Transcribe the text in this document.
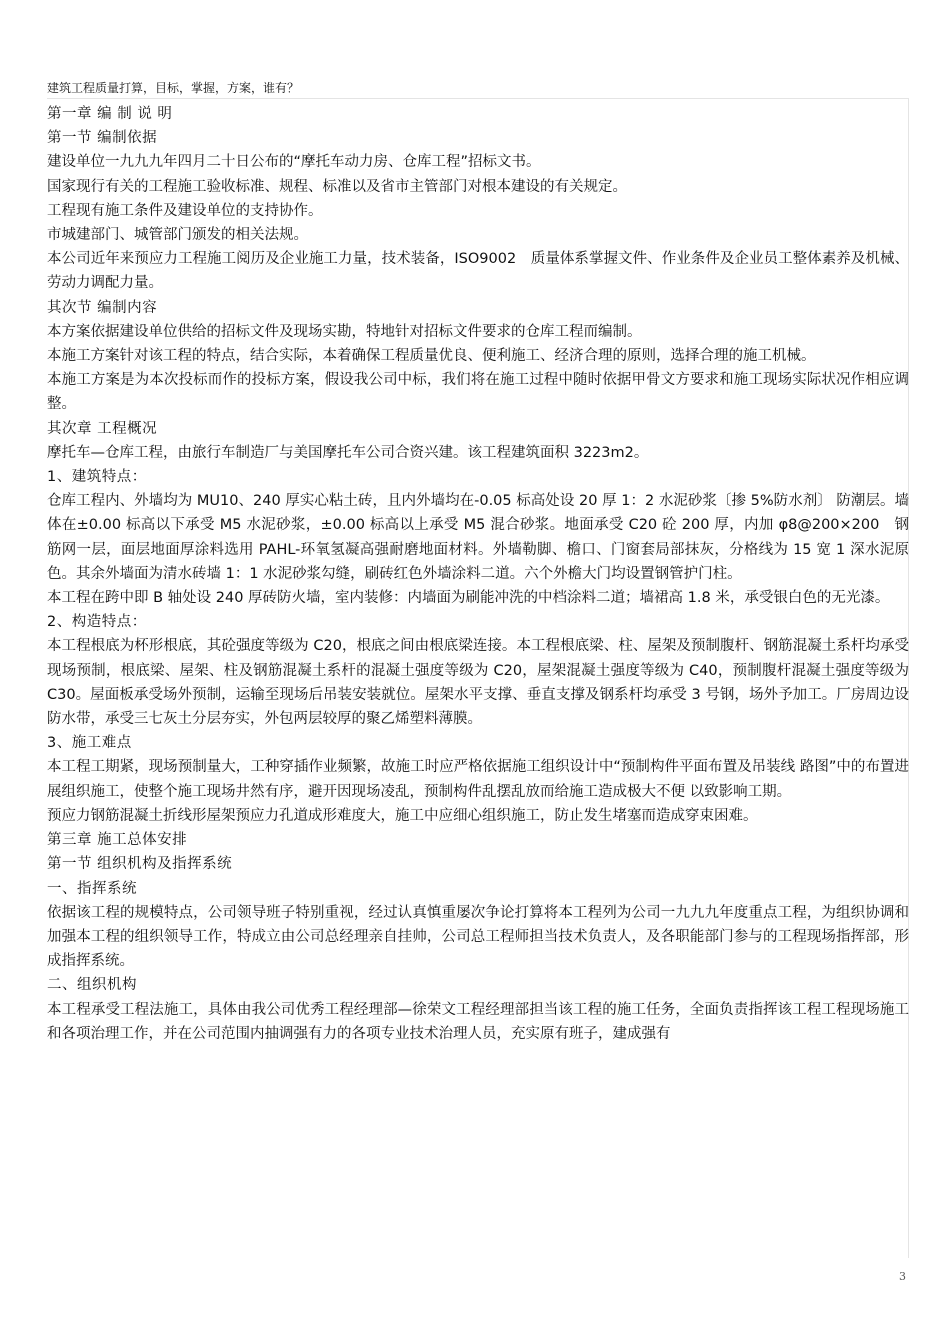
建筑工程质量打算，目标，掌握，方案，谁有？

第一章 编 制 说 明

第一节 编制依据

建设单位一九九九年四月二十日公布的“摩托车动力房、仓库工程”招标文书。

国家现行有关的工程施工验收标准、规程、标准以及省市主管部门对根本建设的有关规定。

工程现有施工条件及建设单位的支持协作。

市城建部门、城管部门颁发的相关法规。

本公司近年来预应力工程施工阅历及企业施工力量，技术装备，ISO9002　质量体系掌握文件、作业条件及企业员工整体素养及机械、劳动力调配力量。

其次节 编制内容

本方案依据建设单位供给的招标文件及现场实勘，特地针对招标文件要求的仓库工程而编制。

本施工方案针对该工程的特点，结合实际，本着确保工程质量优良、便利施工、经济合理的原则，选择合理的施工机械。

本施工方案是为本次投标而作的投标方案，假设我公司中标，我们将在施工过程中随时依据甲骨文方要求和施工现场实际状况作相应调整。

其次章 工程概况

摩托车—仓库工程，由旅行车制造厂与美国摩托车公司合资兴建。该工程建筑面积 3223m2。

1、建筑特点：

仓库工程内、外墙均为 MU10、240 厚实心粘土砖，且内外墙均在-0.05 标高处设 20 厚 1：2 水泥砂浆〔掺 5%防水剂〕 防潮层。墙体在±0.00 标高以下承受 M5 水泥砂浆，±0.00 标高以上承受 M5 混合砂浆。地面承受 C20 砼 200 厚，内加 φ8@200×200　钢筋网一层，面层地面厚涂料选用 PAHL-环氧氢凝高强耐磨地面材料。外墙勒脚、檐口、门窗套局部抹灰，分格线为 15 宽 1 深水泥原色。其余外墙面为清水砖墙 1：1 水泥砂浆勾缝，刷砖红色外墙涂料二道。六个外檐大门均设置钢管护门柱。

本工程在跨中即 B 轴处设 240 厚砖防火墙，室内装修：内墙面为刷能冲洗的中档涂料二道；墙裙高 1.8 米，承受银白色的无光漆。

2、构造特点：

本工程根底为杯形根底，其砼强度等级为 C20，根底之间由根底梁连接。本工程根底梁、柱、屋架及预制腹杆、钢筋混凝土系杆均承受现场预制，根底梁、屋架、柱及钢筋混凝土系杆的混凝土强度等级为 C20，屋架混凝土强度等级为 C40，预制腹杆混凝土强度等级为 C30。屋面板承受场外预制，运输至现场后吊装安装就位。屋架水平支撑、垂直支撑及钢系杆均承受 3 号钢，场外予加工。厂房周边设防水带，承受三七灰土分层夯实，外包两层较厚的聚乙烯塑料薄膜。

3、施工难点

本工程工期紧，现场预制量大，工种穿插作业频繁，故施工时应严格依据施工组织设计中“预制构件平面布置及吊装线 路图”中的布置进展组织施工，使整个施工现场井然有序，避开因现场凌乱，预制构件乱摆乱放而给施工造成极大不便 以致影响工期。

预应力钢筋混凝土折线形屋架预应力孔道成形难度大，施工中应细心组织施工，防止发生堵塞而造成穿束困难。

第三章 施工总体安排

第一节 组织机构及指挥系统

一、指挥系统

依据该工程的规模特点，公司领导班子特别重视，经过认真慎重屡次争论打算将本工程列为公司一九九九年度重点工程，为组织协调和加强本工程的组织领导工作，特成立由公司总经理亲自挂帅，公司总工程师担当技术负责人，及各职能部门参与的工程现场指挥部，形成指挥系统。

二、组织机构

本工程承受工程法施工，具体由我公司优秀工程经理部—徐荣文工程经理部担当该工程的施工任务，全面负责指挥该工程工程现场施工和各项治理工作，并在公司范围内抽调强有力的各项专业技术治理人员，充实原有班子，建成强有

3
